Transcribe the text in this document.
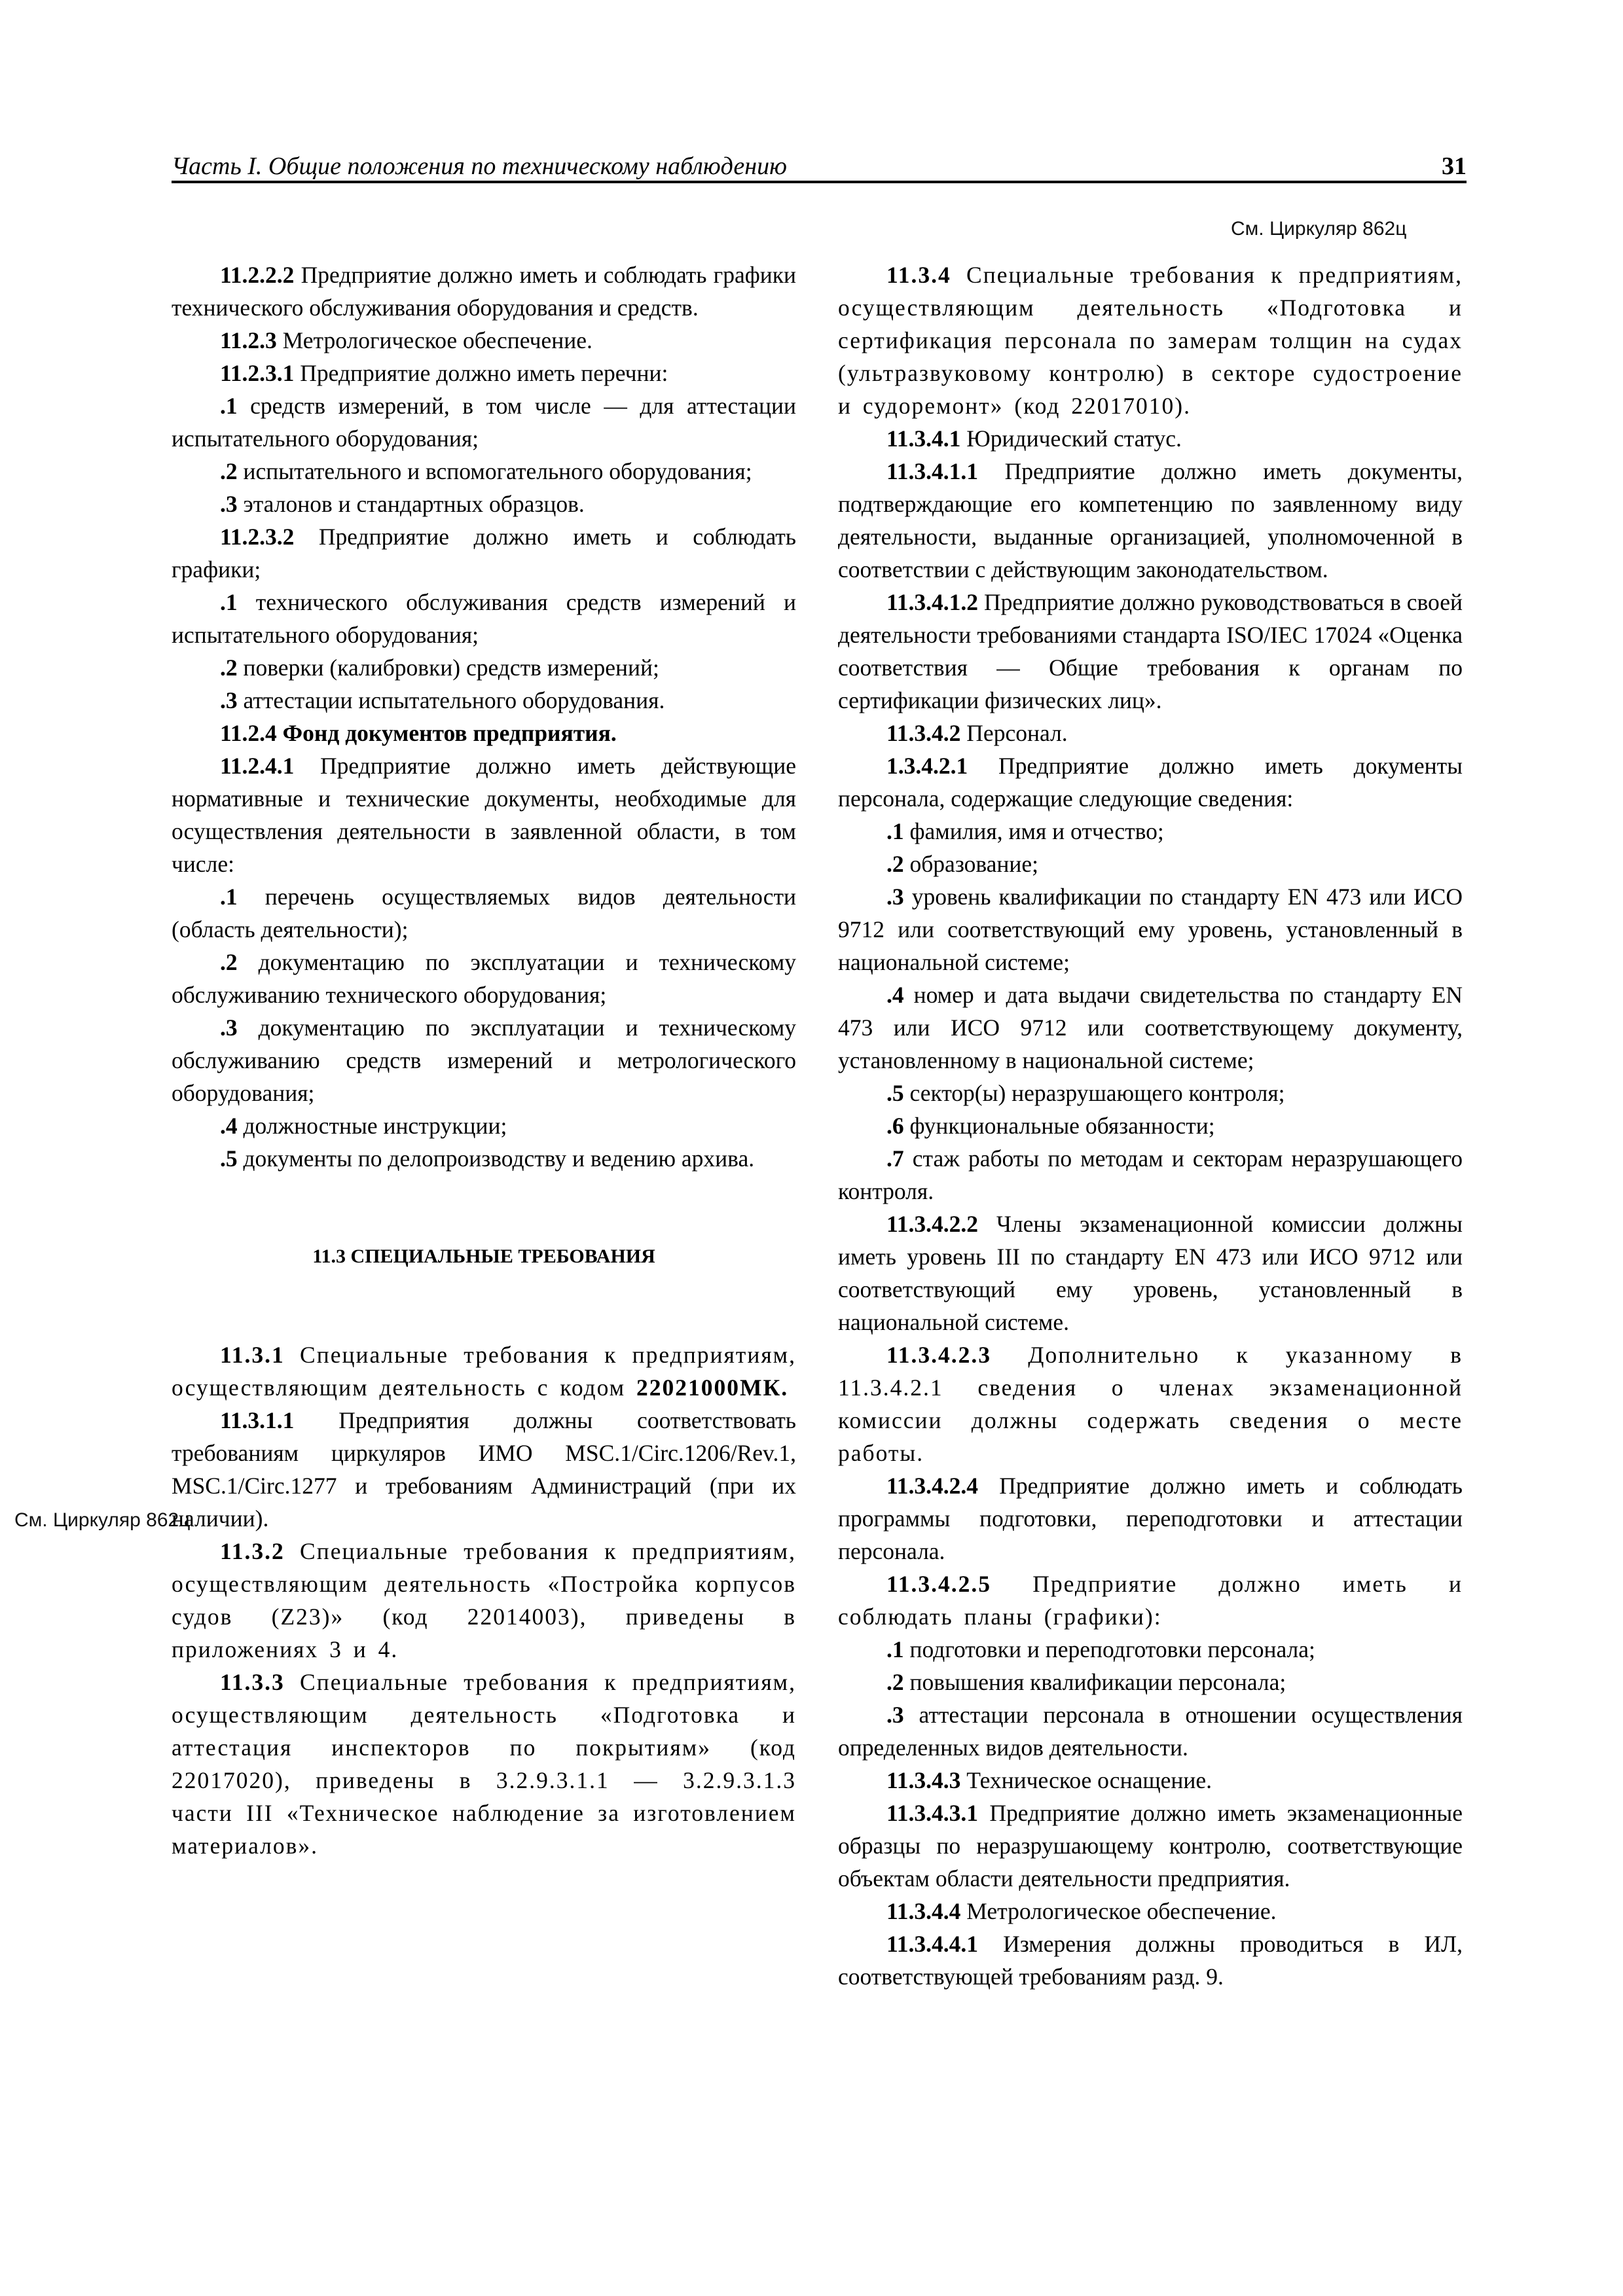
Часть I. Общие положения по техническому наблюдению	31
См. Циркуляр 862ц
См. Циркуляр 862ц

11.2.2.2 Предприятие должно иметь и соблюдать графики технического обслуживания оборудования и средств.

11.2.3 Метрологическое обеспечение.

11.2.3.1 Предприятие должно иметь перечни:

.1 средств измерений, в том числе — для аттестации испытательного оборудования;

.2 испытательного и вспомогательного оборудования;

.3 эталонов и стандартных образцов.

11.2.3.2 Предприятие должно иметь и соблюдать графики;

.1 технического обслуживания средств измерений и испытательного оборудования;

.2 поверки (калибровки) средств измерений;

.3 аттестации испытательного оборудования.

11.2.4 Фонд документов предприятия.

11.2.4.1 Предприятие должно иметь действующие нормативные и технические документы, необходимые для осуществления деятельности в заявленной области, в том числе:

.1 перечень осуществляемых видов деятельности (область деятельности);

.2 документацию по эксплуатации и техническому обслуживанию технического оборудования;

.3 документацию по эксплуатации и техническому обслуживанию средств измерений и метрологического оборудования;

.4 должностные инструкции;

.5 документы по делопроизводству и ведению архива.

11.3 СПЕЦИАЛЬНЫЕ ТРЕБОВАНИЯ

11.3.1 Специальные требования к предприятиям, осуществляющим деятельность с кодом 22021000МК.

11.3.1.1 Предприятия должны соответствовать требованиям циркуляров ИМО MSC.1/Circ.1206/Rev.1, MSC.1/Circ.1277 и требованиям Администраций (при их наличии).

11.3.2 Специальные требования к предприятиям, осуществляющим деятельность «Постройка корпусов судов (Z23)» (код 22014003), приведены в приложениях 3 и 4.

11.3.3 Специальные требования к предприятиям, осуществляющим деятельность «Подготовка и аттестация инспекторов по покрытиям» (код 22017020), приведены в 3.2.9.3.1.1 — 3.2.9.3.1.3 части III «Техническое наблюдение за изготовлением материалов».

11.3.4 Специальные требования к предприятиям, осуществляющим деятельность «Подготовка и сертификация персонала по замерам толщин на судах (ультразвуковому контролю) в секторе судостроение и судоремонт» (код 22017010).

11.3.4.1 Юридический статус.

11.3.4.1.1 Предприятие должно иметь документы, подтверждающие его компетенцию по заявленному виду деятельности, выданные организацией, уполномоченной в соответствии с действующим законодательством.

11.3.4.1.2 Предприятие должно руководствоваться в своей деятельности требованиями стандарта ISO/IEC 17024 «Оценка соответствия — Общие требования к органам по сертификации физических лиц».

11.3.4.2 Персонал.

1.3.4.2.1 Предприятие должно иметь документы персонала, содержащие следующие сведения:

.1 фамилия, имя и отчество;

.2 образование;

.3 уровень квалификации по стандарту EN 473 или ИСО 9712 или соответствующий ему уровень, установленный в национальной системе;

.4 номер и дата выдачи свидетельства по стандарту EN 473 или ИСО 9712 или соответствующему документу, установленному в национальной системе;

.5 сектор(ы) неразрушающего контроля;

.6 функциональные обязанности;

.7 стаж работы по методам и секторам неразрушающего контроля.

11.3.4.2.2 Члены экзаменационной комиссии должны иметь уровень III по стандарту EN 473 или ИСО 9712 или соответствующий ему уровень, установленный в национальной системе.

11.3.4.2.3 Дополнительно к указанному в 11.3.4.2.1 сведения о членах экзаменационной комиссии должны содержать сведения о месте работы.

11.3.4.2.4 Предприятие должно иметь и соблюдать программы подготовки, переподготовки и аттестации персонала.

11.3.4.2.5 Предприятие должно иметь и соблюдать планы (графики):

.1 подготовки и переподготовки персонала;

.2 повышения квалификации персонала;

.3 аттестации персонала в отношении осуществления определенных видов деятельности.

11.3.4.3 Техническое оснащение.

11.3.4.3.1 Предприятие должно иметь экзаменационные образцы по неразрушающему контролю, соответствующие объектам области деятельности предприятия.

11.3.4.4 Метрологическое обеспечение.

11.3.4.4.1 Измерения должны проводиться в ИЛ, соответствующей требованиям разд. 9.
